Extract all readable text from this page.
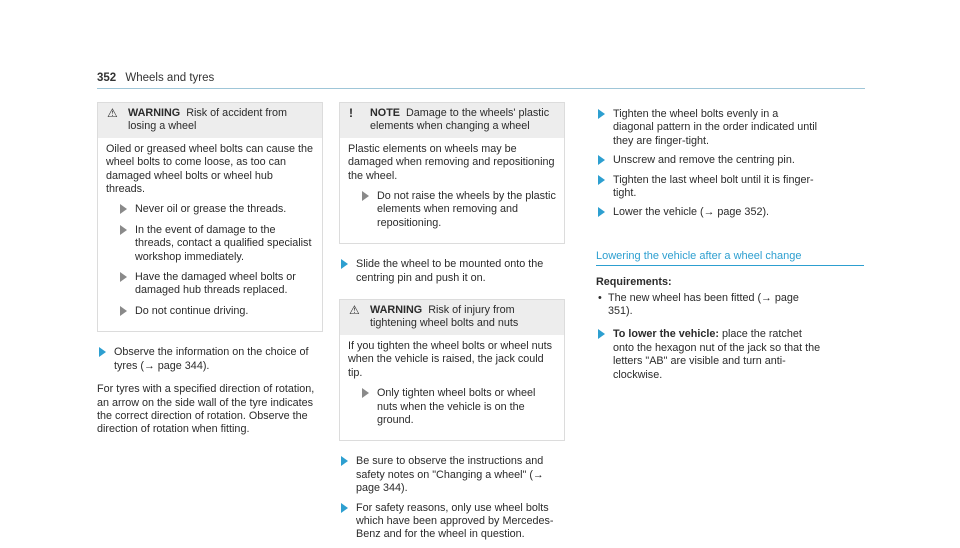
352 Wheels and tyres
⚠ WARNING Risk of accident from losing a wheel

Oiled or greased wheel bolts can cause the wheel bolts to come loose, as too can damaged wheel bolts or wheel hub threads.

Never oil or grease the threads.
In the event of damage to the threads, contact a qualified specialist workshop immediately.
Have the damaged wheel bolts or damaged hub threads replaced.
Do not continue driving.
Observe the information on the choice of tyres (→ page 344).

For tyres with a specified direction of rotation, an arrow on the side wall of the tyre indicates the correct direction of rotation. Observe the direction of rotation when fitting.

! NOTE Damage to the wheels' plastic elements when changing a wheel

Plastic elements on wheels may be damaged when removing and repositioning the wheel.

Do not raise the wheels by the plastic elements when removing and repositioning.
Slide the wheel to be mounted onto the centring pin and push it on.
⚠ WARNING Risk of injury from tightening wheel bolts and nuts

If you tighten the wheel bolts or wheel nuts when the vehicle is raised, the jack could tip.

Only tighten wheel bolts or wheel nuts when the vehicle is on the ground.
Be sure to observe the instructions and safety notes on "Changing a wheel" (→ page 344).
For safety reasons, only use wheel bolts which have been approved by Mercedes-Benz and for the wheel in question.
Tighten the wheel bolts evenly in a diagonal pattern in the order indicated until they are finger-tight.
Unscrew and remove the centring pin.
Tighten the last wheel bolt until it is finger-tight.
Lower the vehicle (→ page 352).
Lowering the vehicle after a wheel change

Requirements:

• The new wheel has been fitted (→ page 351).
To lower the vehicle: place the ratchet onto the hexagon nut of the jack so that the letters "AB" are visible and turn anti-clockwise.
